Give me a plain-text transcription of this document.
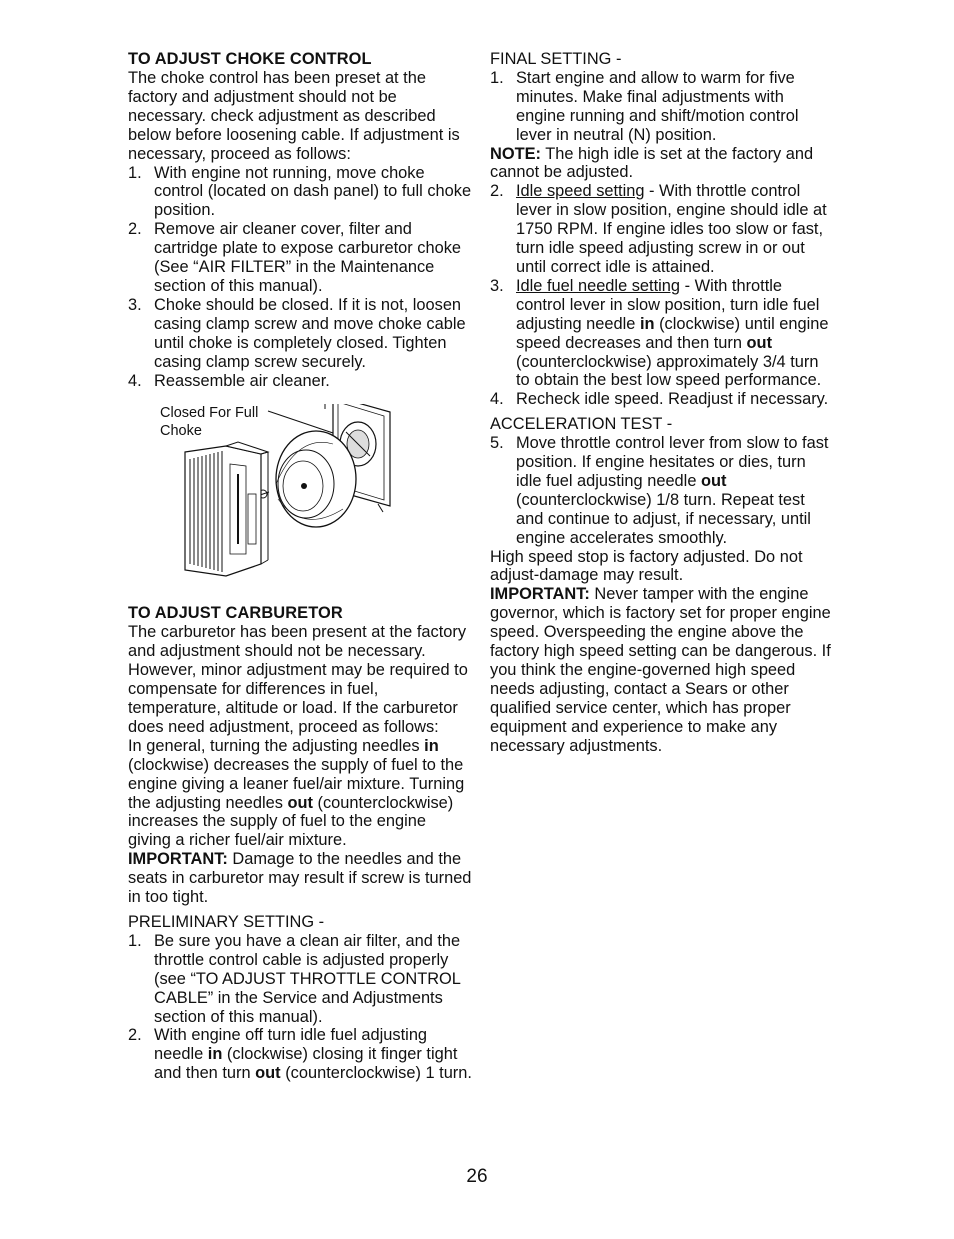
TO ADJUST CHOKE CONTROL

The choke control has been preset at the factory and adjustment should not be necessary. check adjustment as described below before loosening cable. If adjustment is necessary, proceed as follows:

1. With engine not running, move choke control (located on dash panel) to full choke position.
2. Remove air cleaner cover, filter and cartridge plate to expose carburetor choke (See “AIR FILTER” in the Maintenance section of this manual).
3. Choke should be closed. If it is not, loosen casing clamp screw and move choke cable until choke is completely closed. Tighten casing clamp screw securely.
4. Reassemble air cleaner.
Closed For Full
Choke
TO ADJUST CARBURETOR

The carburetor has been present at the factory and adjustment should not be necessary. However, minor adjustment may be required to compensate for differences in fuel, temperature, altitude or load. If the carburetor does need adjustment, proceed as follows:

In general, turning the adjusting needles in (clockwise) decreases the supply of fuel to the engine giving a leaner fuel/air mixture. Turning the adjusting needles out (counterclockwise) increases the supply of fuel to the engine giving a richer fuel/air mixture.

IMPORTANT: Damage to the needles and the seats in carburetor may result if screw is turned in too tight.

PRELIMINARY SETTING -

1. Be sure you have a clean air filter, and the throttle control cable is adjusted properly (see “TO ADJUST THROTTLE CONTROL CABLE” in the Service and Adjustments section of this manual).
2. With engine off turn idle fuel adjusting needle in (clockwise) closing it finger tight and then turn out (counterclockwise) 1 turn.

FINAL SETTING -

1. Start engine and allow to warm for five minutes. Make final adjustments with engine running and shift/motion control lever in neutral (N) position.

NOTE: The high idle is set at the factory and cannot be adjusted.

2. Idle speed setting - With throttle control lever in slow position, engine should idle at 1750 RPM. If engine idles too slow or fast, turn idle speed adjusting screw in or out until correct idle is attained.
3. Idle fuel needle setting - With throttle control lever in slow position, turn idle fuel adjusting needle in (clockwise) until engine speed decreases and then turn out (counterclockwise) approximately 3/4 turn to obtain the best low speed performance.
4. Recheck idle speed. Readjust if necessary.

ACCELERATION TEST -

5. Move throttle control lever from slow to fast position. If engine hesitates or dies, turn idle fuel adjusting needle out (counterclockwise) 1/8 turn. Repeat test and continue to adjust, if necessary, until engine accelerates smoothly.

High speed stop is factory adjusted. Do not adjust-damage may result.

IMPORTANT: Never tamper with the engine governor, which is factory set for proper engine speed. Overspeeding the engine above the factory high speed setting can be dangerous. If you think the engine-governed high speed needs adjusting, contact a Sears or other qualified service center, which has proper equipment and experience to make any necessary adjustments.

26
